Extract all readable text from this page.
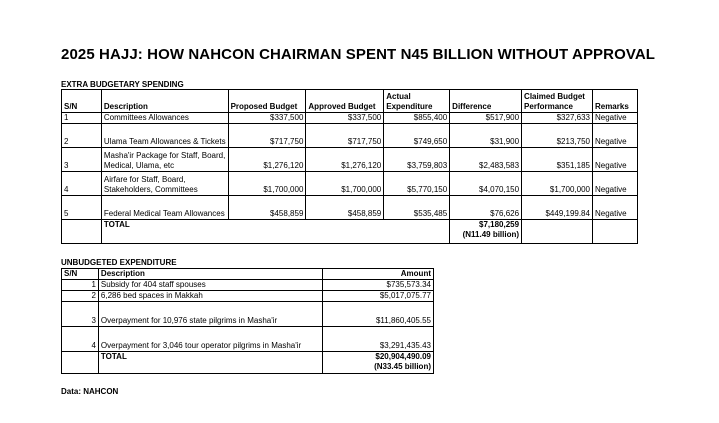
2025 HAJJ: HOW NAHCON CHAIRMAN SPENT N45 BILLION WITHOUT APPROVAL
EXTRA BUDGETARY SPENDING
S/N	Description	Proposed Budget	Approved Budget	Actual Expenditure	Difference	Claimed Budget Performance	Remarks
1	Committees Allowances	$337,500	$337,500	$855,400	$517,900	$327,633	Negative
2	Ulama Team Allowances & Tickets	$717,750	$717,750	$749,650	$31,900	$213,750	Negative
3	Masha'ir Package for Staff, Board, Medical, Ulama, etc	$1,276,120	$1,276,120	$3,759,803	$2,483,583	$351,185	Negative
4	Airfare for Staff, Board, Stakeholders, Committees	$1,700,000	$1,700,000	$5,770,150	$4,070,150	$1,700,000	Negative
5	Federal Medical Team Allowances	$458,859	$458,859	$535,485	$76,626	$449,199.84	Negative
	TOTAL				$7,180,259
(N11.49 billion)		

UNBUDGETED EXPENDITURE
S/N	Description	Amount
1	Subsidy for 404 staff spouses	$735,573.34
2	6,286 bed spaces in Makkah	$5,017,075.77
3	Overpayment for 10,976 state pilgrims in Masha'ir	$11,860,405.55
4	Overpayment for 3,046 tour operator pilgrims in Masha'ir	$3,291,435.43
	TOTAL	$20,904,490.09
(N33.45 billion)
Data: NAHCON
